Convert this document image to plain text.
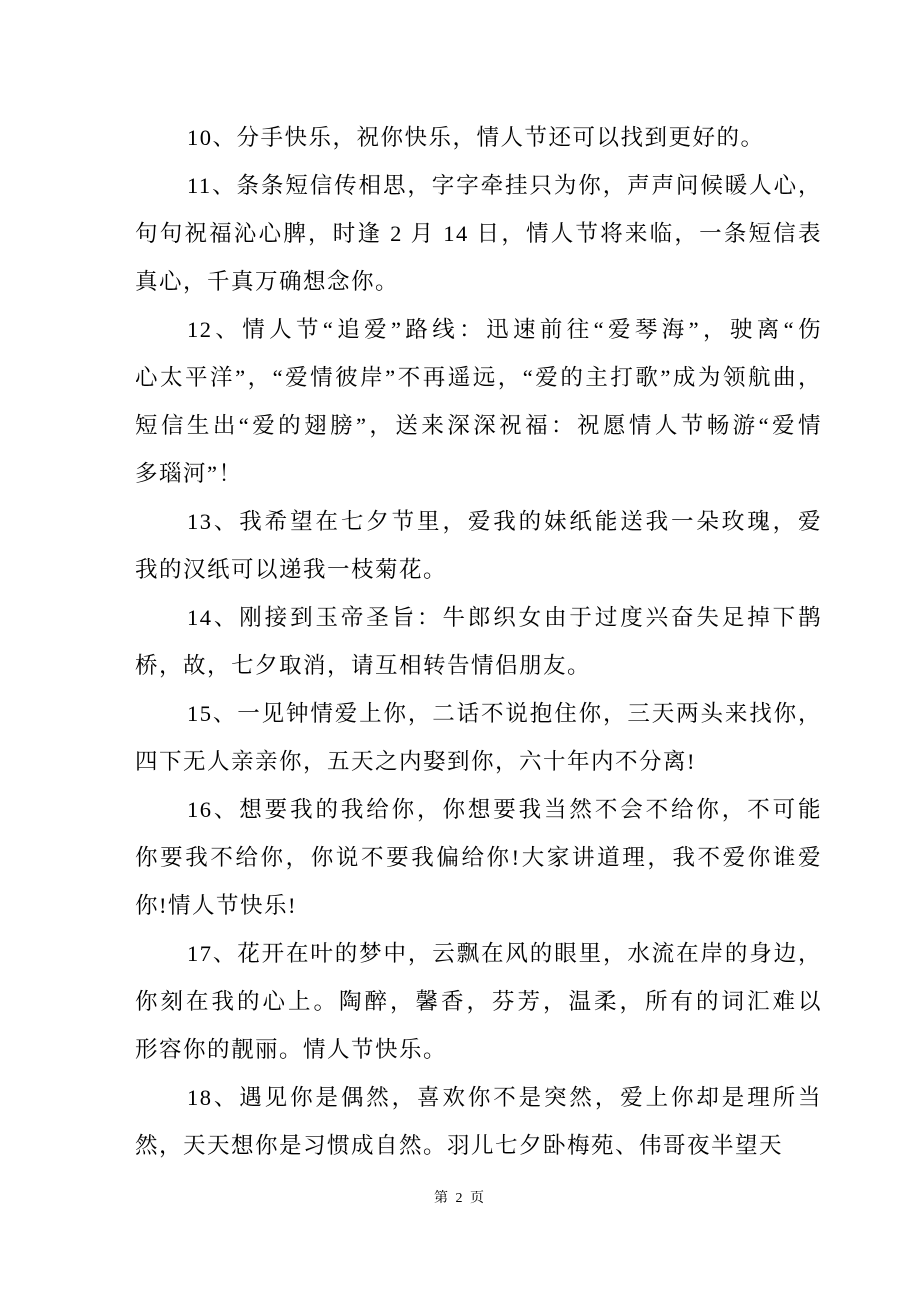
10、分手快乐，祝你快乐，情人节还可以找到更好的。
11、条条短信传相思，字字牵挂只为你，声声问候暖人心，
句句祝福沁心脾，时逢 2 月 14 日，情人节将来临，一条短信表
真心，千真万确想念你。
12、情人节“追爱”路线：迅速前往“爱琴海”，驶离“伤
心太平洋”，“爱情彼岸”不再遥远，“爱的主打歌”成为领航曲，
短信生出“爱的翅膀”，送来深深祝福：祝愿情人节畅游“爱情
多瑙河”！
13、我希望在七夕节里，爱我的妹纸能送我一朵玫瑰，爱
我的汉纸可以递我一枝菊花。
14、刚接到玉帝圣旨：牛郎织女由于过度兴奋失足掉下鹊
桥，故，七夕取消，请互相转告情侣朋友。
15、一见钟情爱上你，二话不说抱住你，三天两头来找你，
四下无人亲亲你，五天之内娶到你，六十年内不分离!
16、想要我的我给你，你想要我当然不会不给你，不可能
你要我不给你，你说不要我偏给你!大家讲道理，我不爱你谁爱
你!情人节快乐!
17、花开在叶的梦中，云飘在风的眼里，水流在岸的身边，
你刻在我的心上。陶醉，馨香，芬芳，温柔，所有的词汇难以
形容你的靓丽。情人节快乐。
18、遇见你是偶然，喜欢你不是突然，爱上你却是理所当
然，天天想你是习惯成自然。羽儿七夕卧梅苑、伟哥夜半望天
第 2 页
